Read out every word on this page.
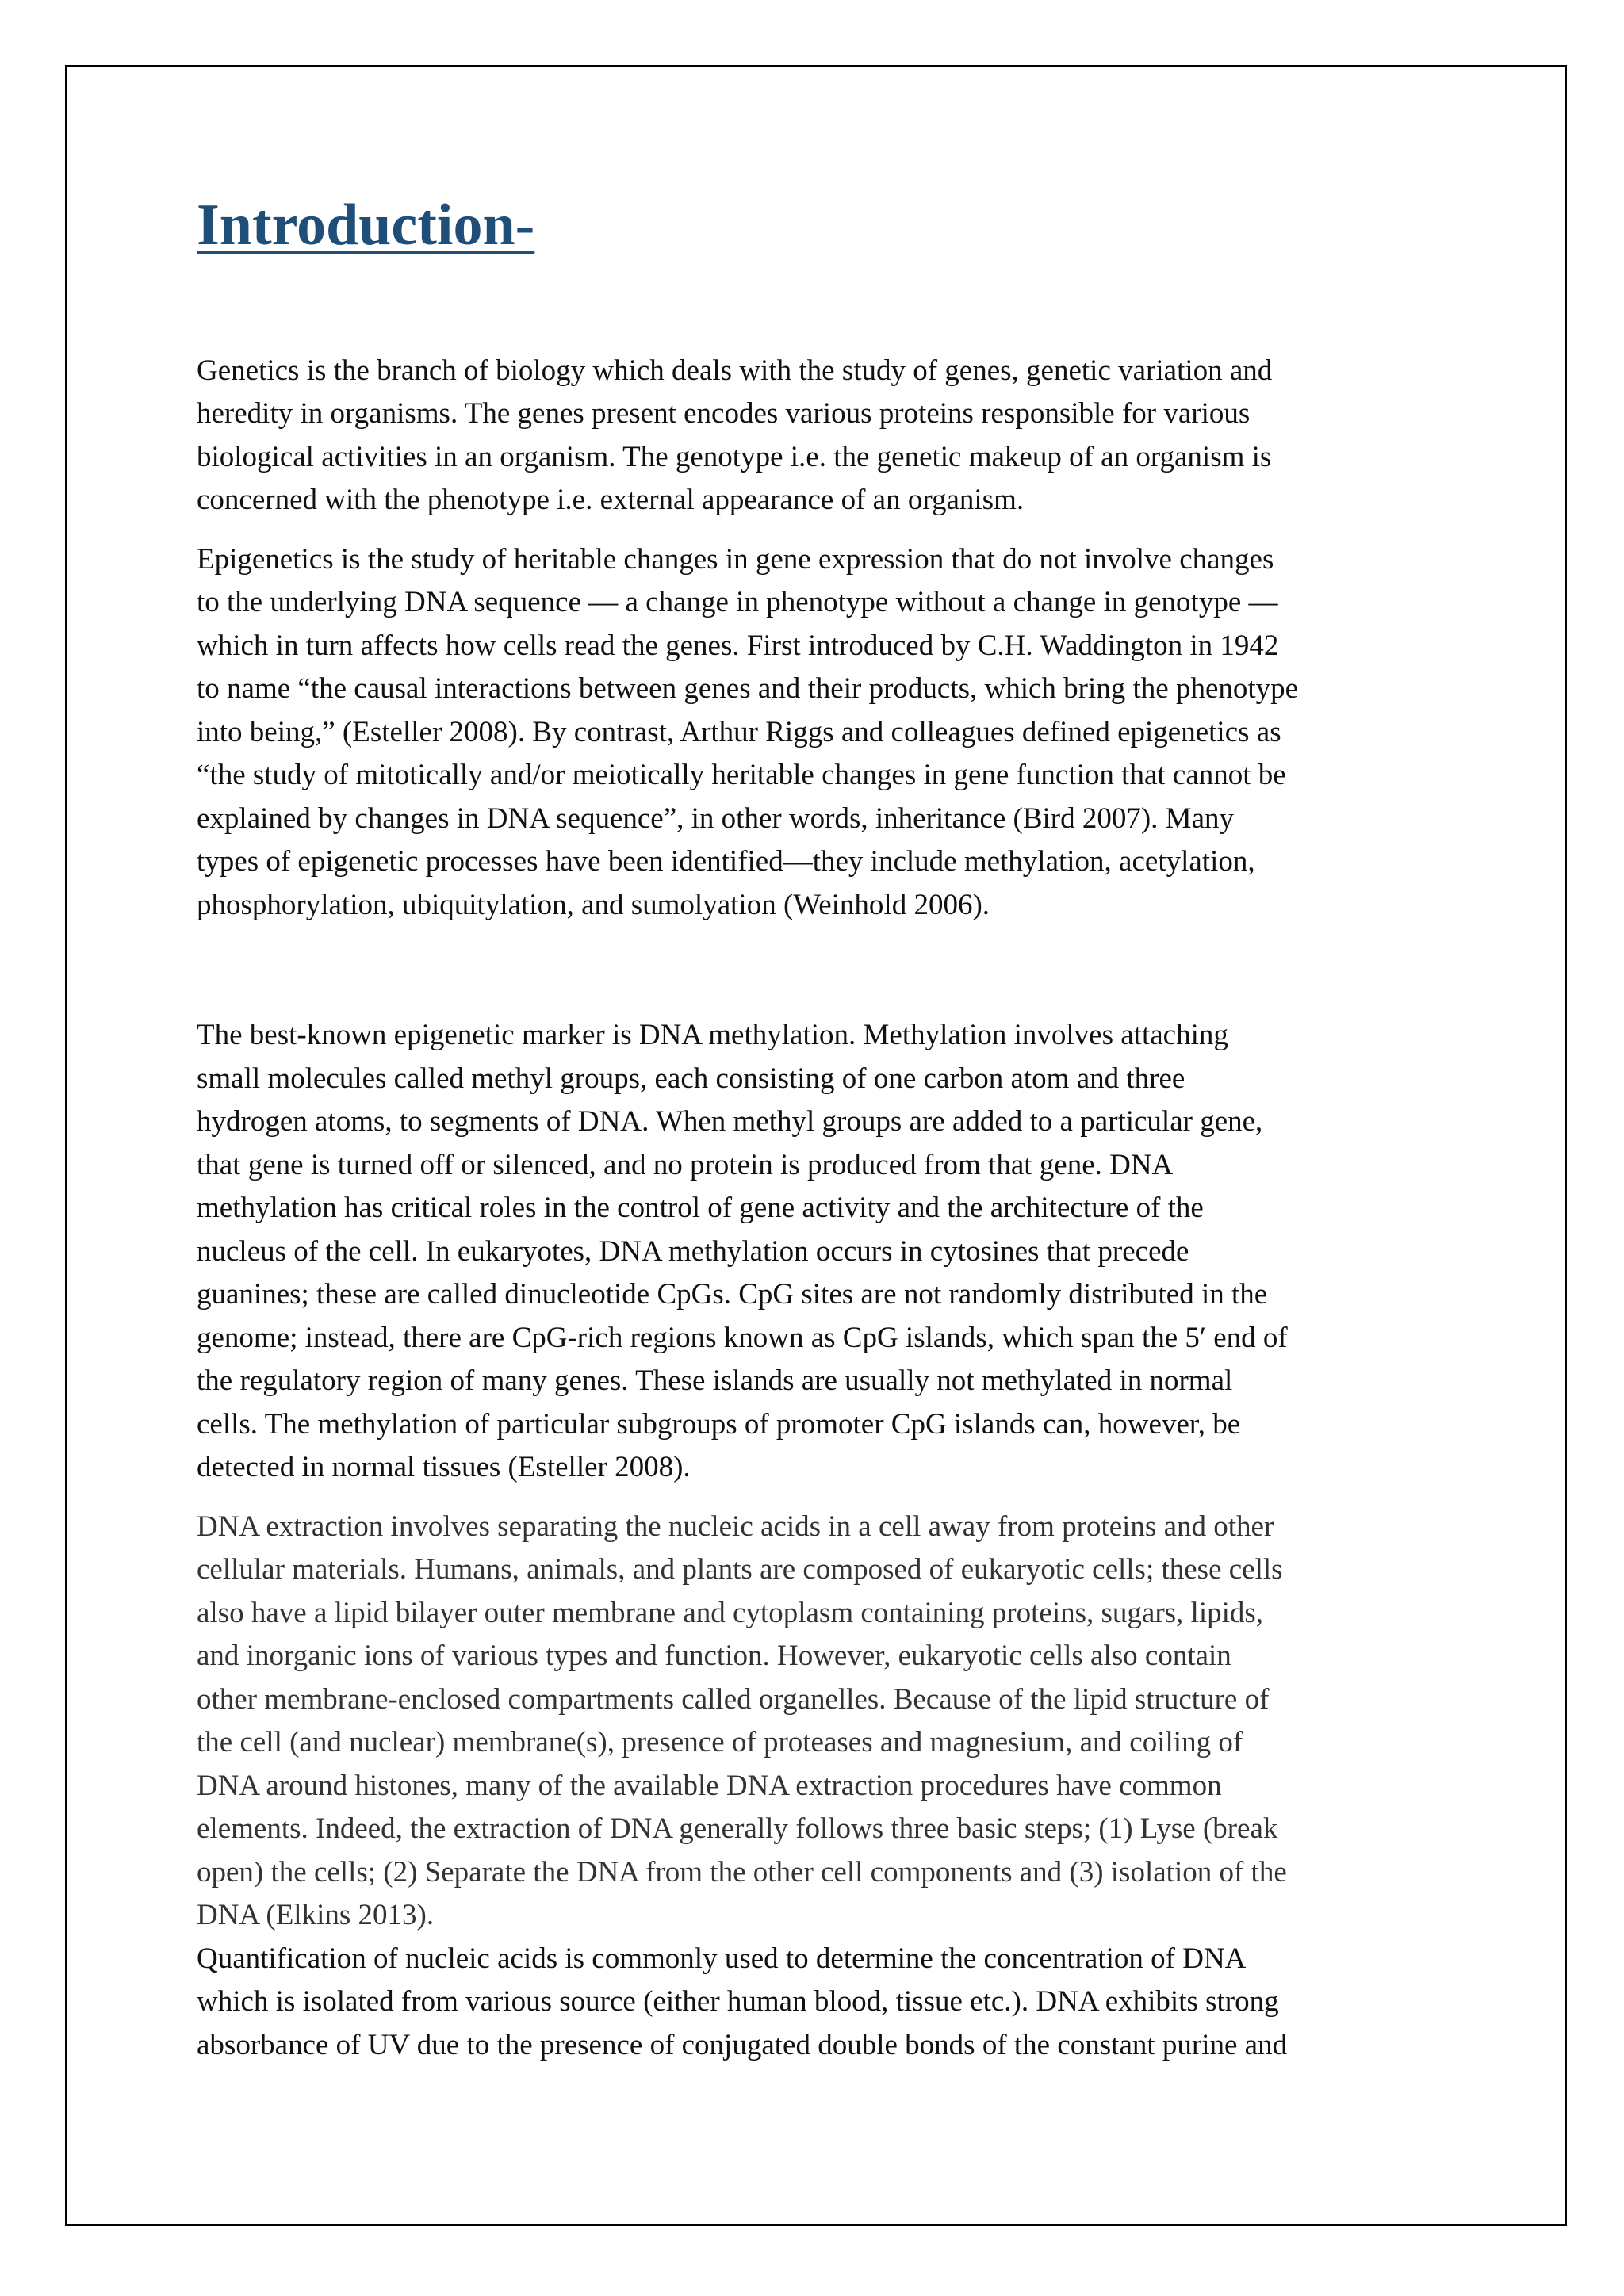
Introduction-

Genetics is the branch of biology which deals with the study of genes, genetic variation and
heredity in organisms. The genes present encodes various proteins responsible for various
biological activities in an organism. The genotype i.e. the genetic makeup of an organism is
concerned with the phenotype i.e. external appearance of an organism.

Epigenetics is the study of heritable changes in gene expression that do not involve changes
to the underlying DNA sequence — a change in phenotype without a change in genotype —
which in turn affects how cells read the genes. First introduced by C.H. Waddington in 1942
to name “the causal interactions between genes and their products, which bring the phenotype
into being,” (Esteller 2008). By contrast, Arthur Riggs and colleagues defined epigenetics as
“the study of mitotically and/or meiotically heritable changes in gene function that cannot be
explained by changes in DNA sequence”, in other words, inheritance (Bird 2007). Many
types of epigenetic processes have been identified—they include methylation, acetylation,
phosphorylation, ubiquitylation, and sumolyation (Weinhold 2006).

The best-known epigenetic marker is DNA methylation. Methylation involves attaching
small molecules called methyl groups, each consisting of one carbon atom and three
hydrogen atoms, to segments of DNA. When methyl groups are added to a particular gene,
that gene is turned off or silenced, and no protein is produced from that gene. DNA
methylation has critical roles in the control of gene activity and the architecture of the
nucleus of the cell. In eukaryotes, DNA methylation occurs in cytosines that precede
guanines; these are called dinucleotide CpGs. CpG sites are not randomly distributed in the
genome; instead, there are CpG-rich regions known as CpG islands, which span the 5′ end of
the regulatory region of many genes. These islands are usually not methylated in normal
cells. The methylation of particular subgroups of promoter CpG islands can, however, be
detected in normal tissues (Esteller 2008).

DNA extraction involves separating the nucleic acids in a cell away from proteins and other
cellular materials. Humans, animals, and plants are composed of eukaryotic cells; these cells
also have a lipid bilayer outer membrane and cytoplasm containing proteins, sugars, lipids,
and inorganic ions of various types and function. However, eukaryotic cells also contain
other membrane-enclosed compartments called organelles. Because of the lipid structure of
the cell (and nuclear) membrane(s), presence of proteases and magnesium, and coiling of
DNA around histones, many of the available DNA extraction procedures have common
elements. Indeed, the extraction of DNA generally follows three basic steps; (1) Lyse (break
open) the cells; (2) Separate the DNA from the other cell components and (3) isolation of the
DNA (Elkins 2013).

Quantification of nucleic acids is commonly used to determine the concentration of DNA
which is isolated from various source (either human blood, tissue etc.). DNA exhibits strong
absorbance of UV due to the presence of conjugated double bonds of the constant purine and
